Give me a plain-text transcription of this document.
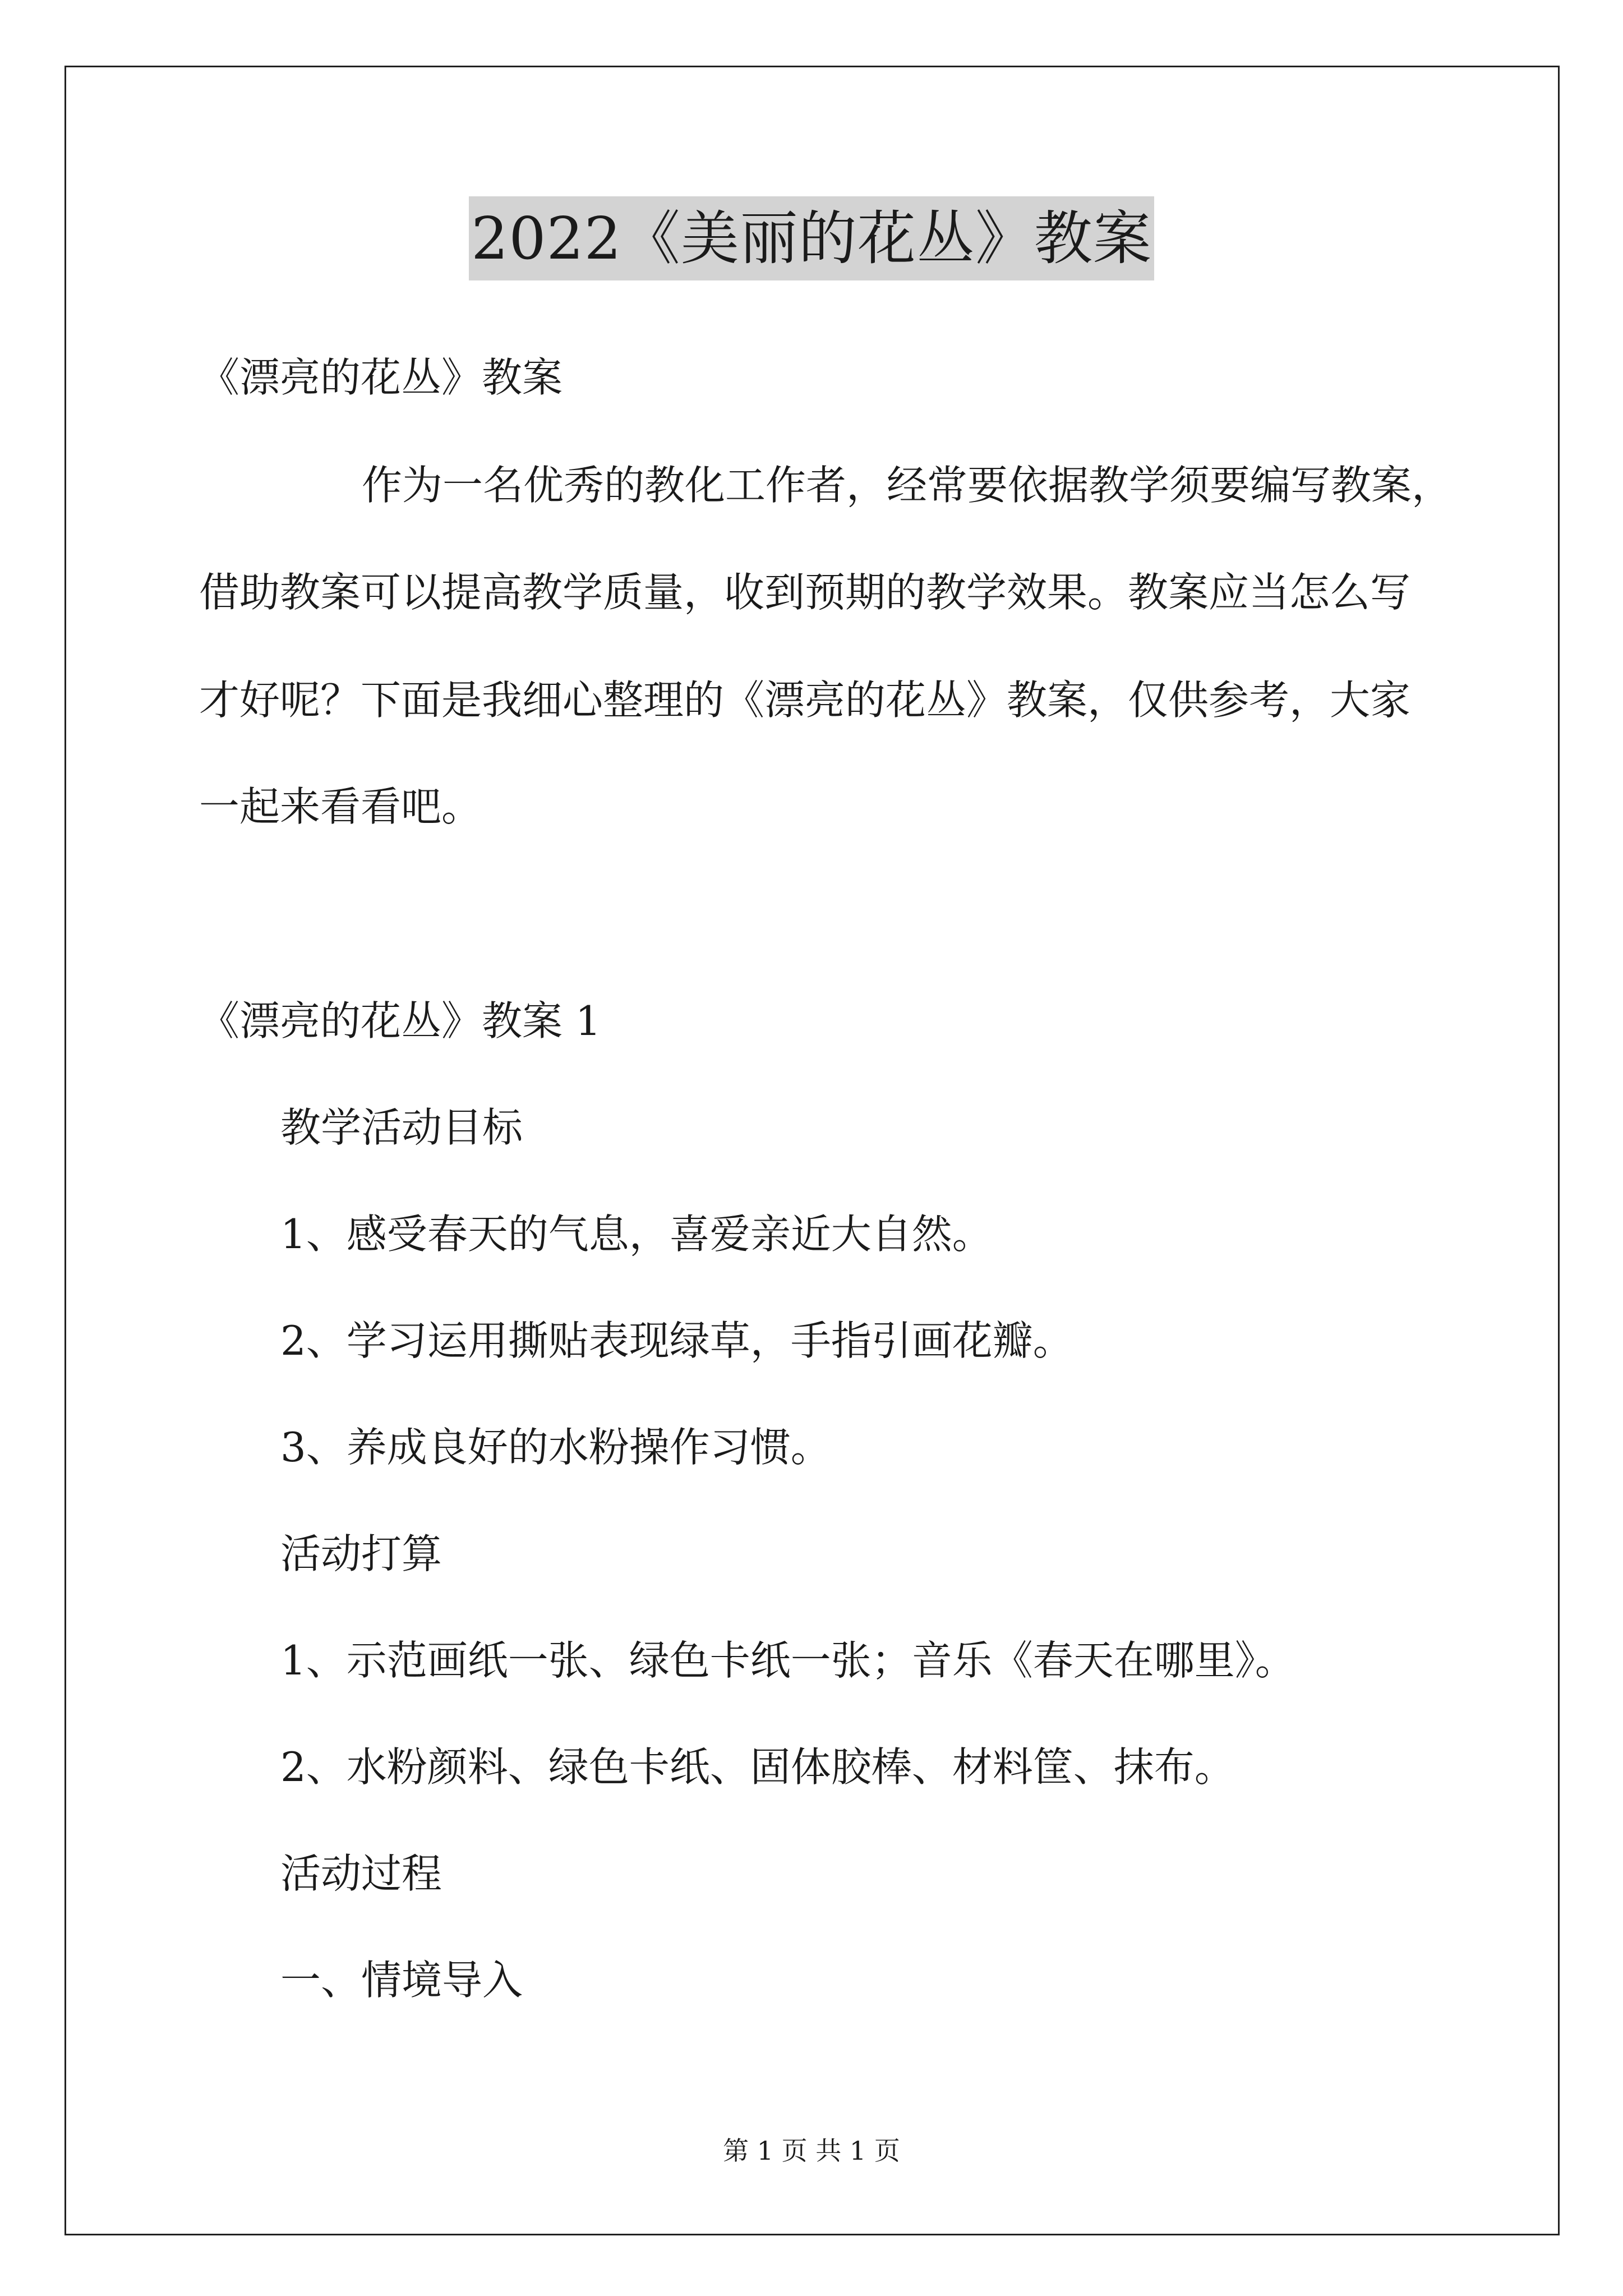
2022《美丽的花丛》教案
《漂亮的花丛》教案
作为一名优秀的教化工作者，经常要依据教学须要编写教案，
借助教案可以提高教学质量，收到预期的教学效果。教案应当怎么写
才好呢？下面是我细心整理的《漂亮的花丛》教案，仅供参考，大家
一起来看看吧。
《漂亮的花丛》教案 1
教学活动目标
1、感受春天的气息，喜爱亲近大自然。
2、学习运用撕贴表现绿草，手指引画花瓣。
3、养成良好的水粉操作习惯。
活动打算
1、示范画纸一张、绿色卡纸一张；音乐《春天在哪里》。
2、水粉颜料、绿色卡纸、固体胶棒、材料筐、抹布。
活动过程
一、情境导入
第 1 页 共 1 页
